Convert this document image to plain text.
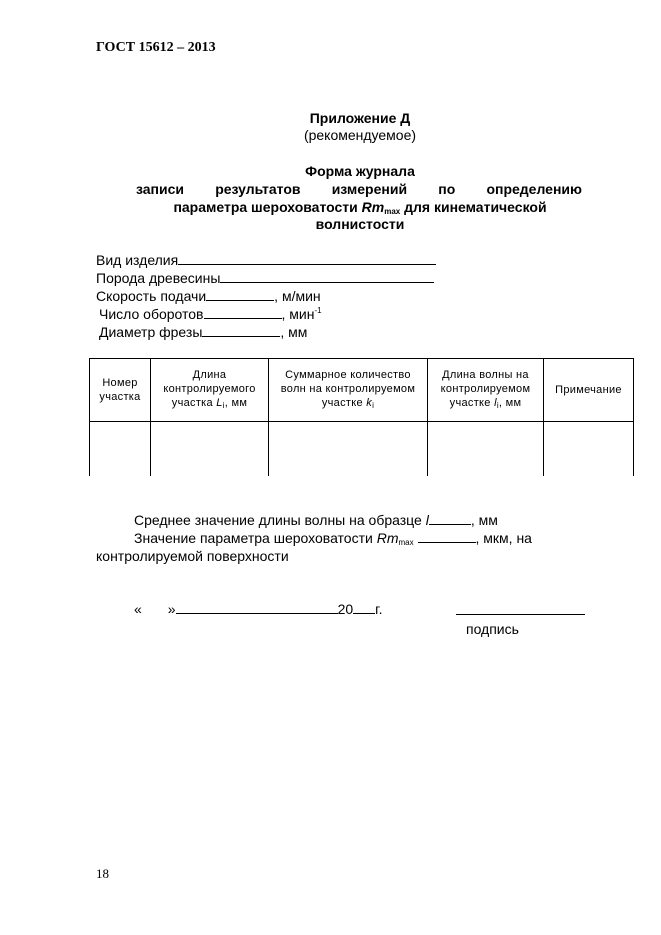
ГОСТ 15612 – 2013
Приложение Д
(рекомендуемое)
Форма журнала
записи результатов измерений по определению
параметра шероховатости $Rm_{max}$ для кинематической
волнистости
Вид изделия
Порода древесины
Скорость подачи	, м/мин
Число оборотов	, мин$^{-1}$
Диаметр фрезы	, мм
Номер участка	Длина контролируемого участка $L_i$, мм	Суммарное количество волн на контролируемом участке $k_i$	Длина волны на контролируемом участке $l_i$, мм	Примечание

Среднее значение длины волны на образце l	, мм
Значение параметра шероховатости $Rm_{max}$	, мкм, на
контролируемой поверхности
« »	20 г.
подпись
18
